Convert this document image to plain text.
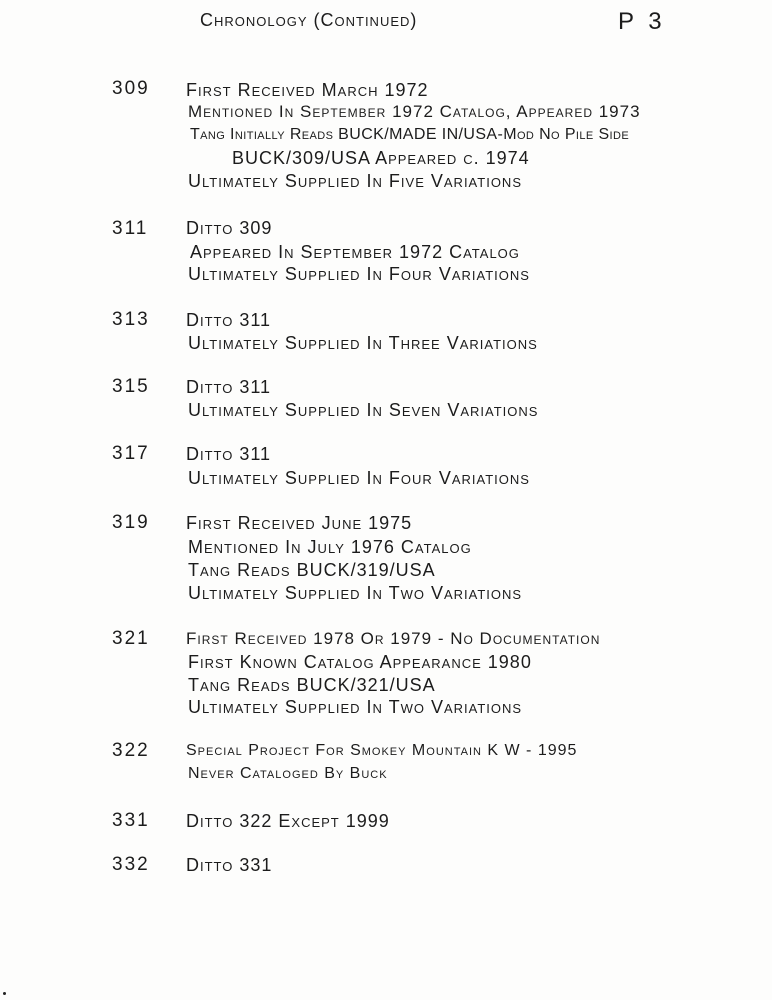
Chronology (Continued)	P 3
309 First Received March 1972
Mentioned In September 1972 Catalog, Appeared 1973
Tang Initially Reads BUCK/MADE IN/USA-Mod No Pile Side
BUCK/309/USA Appeared c. 1974
Ultimately Supplied In Five Variations
311 Ditto 309
Appeared In September 1972 Catalog
Ultimately Supplied In Four Variations
313 Ditto 311
Ultimately Supplied In Three Variations
315 Ditto 311
Ultimately Supplied In Seven Variations
317 Ditto 311
Ultimately Supplied In Four Variations
319 First Received June 1975
Mentioned In July 1976 Catalog
Tang Reads BUCK/319/USA
Ultimately Supplied In Two Variations
321 First Received 1978 Or 1979 - No Documentation
First Known Catalog Appearance 1980
Tang Reads BUCK/321/USA
Ultimately Supplied In Two Variations
322 Special Project For Smokey Mountain K W - 1995
Never Cataloged By Buck
331 Ditto 322 Except 1999
332 Ditto 331
